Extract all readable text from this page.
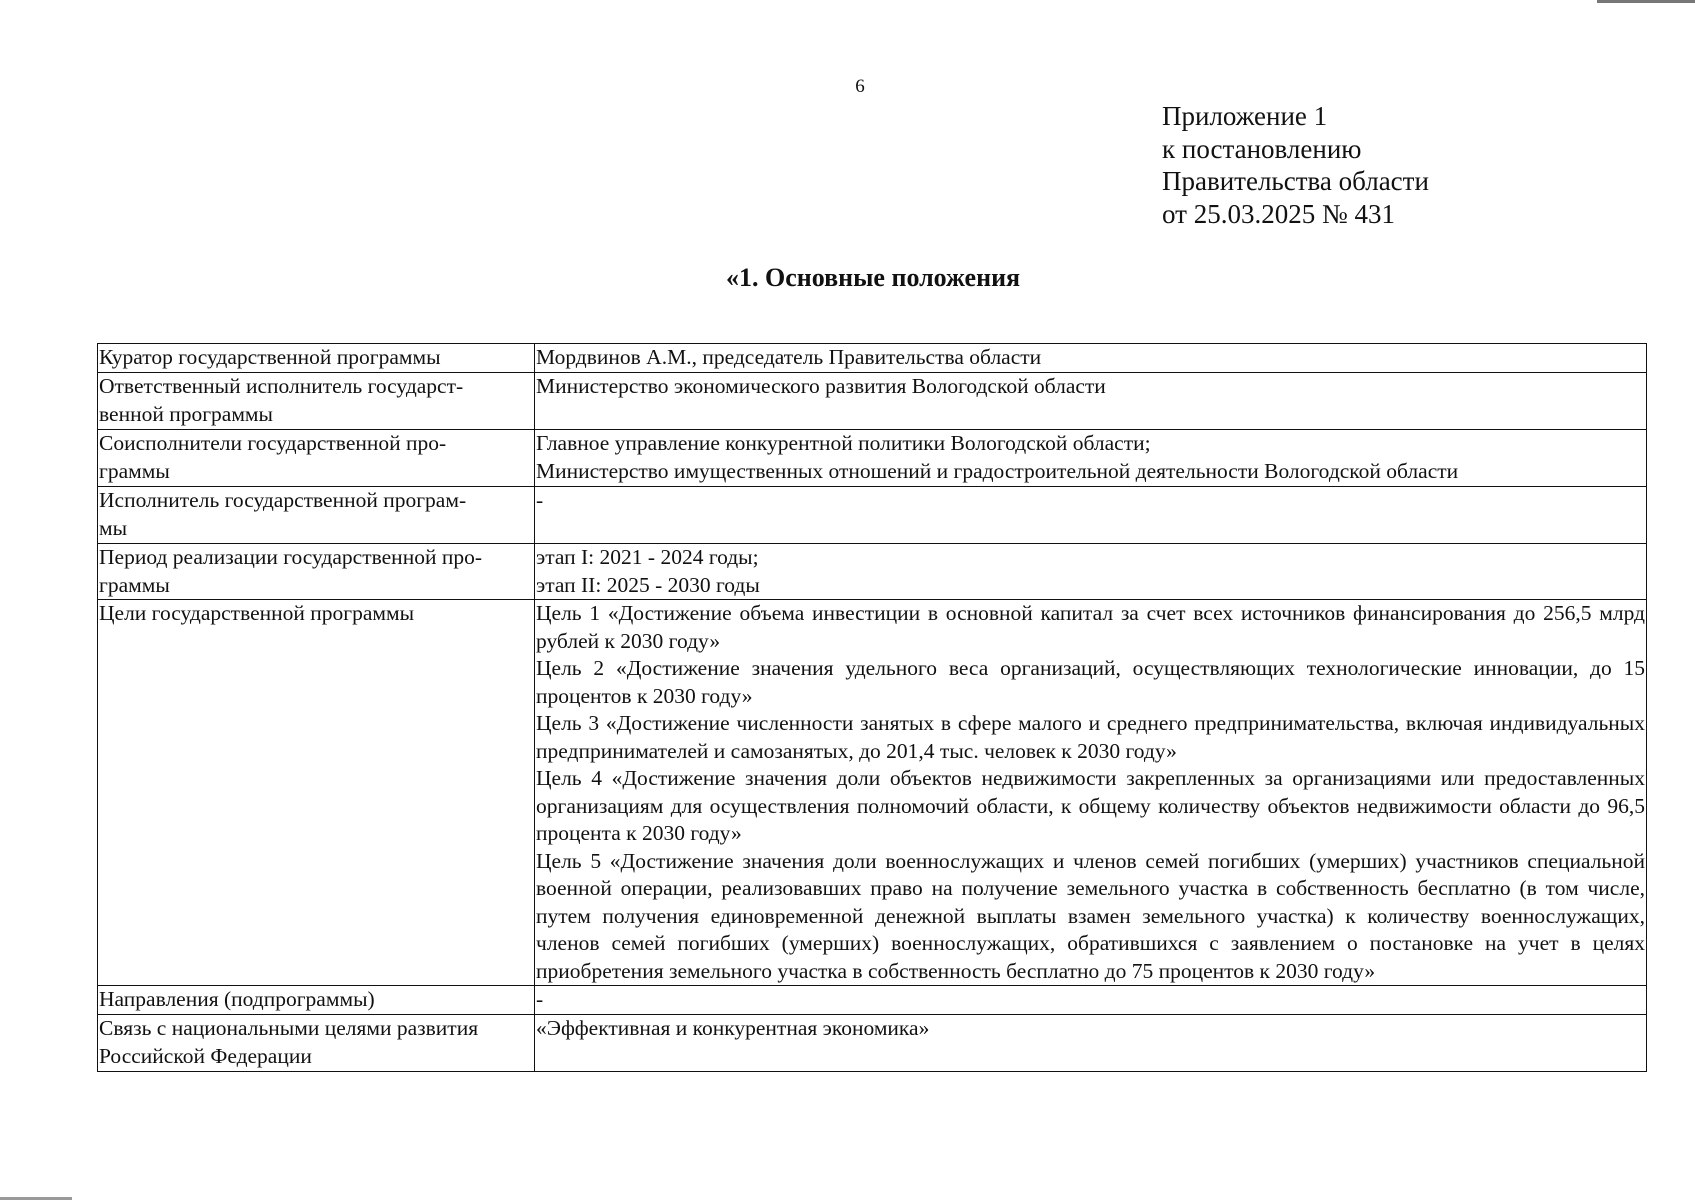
6
Приложение 1
к постановлению
Правительства области
от 25.03.2025 № 431
«1. Основные положения
Куратор государственной программы	Мордвинов А.М., председатель Правительства области
Ответственный исполнитель государст-
венной программы	Министерство экономического развития Вологодской области
Соисполнители государственной про-
граммы	Главное управление конкурентной политики Вологодской области;
Министерство имущественных отношений и градостроительной деятельности Вологодской области
Исполнитель государственной програм-
мы	-
Период реализации государственной про-
граммы	этап I: 2021 - 2024 годы;
этап II: 2025 - 2030 годы
Цели государственной программы	Цель 1 «Достижение объема инвестиции в основной капитал за счет всех источников финансирования до 256,5 млрд рублей к 2030 году»
Цель 2 «Достижение значения удельного веса организаций, осуществляющих технологические инновации, до 15 процентов к 2030 году»
Цель 3 «Достижение численности занятых в сфере малого и среднего предпринимательства, включая индивидуальных предпринимателей и самозанятых, до 201,4 тыс. человек к 2030 году»
Цель 4 «Достижение значения доли объектов недвижимости закрепленных за организациями или предоставленных организациям для осуществления полномочий области, к общему количеству объектов недвижимости области до 96,5 процента к 2030 году»
Цель 5 «Достижение значения доли военнослужащих и членов семей погибших (умерших) участников специальной военной операции, реализовавших право на получение земельного участка в собственность бесплатно (в том числе, путем получения единовременной денежной выплаты взамен земельного участка) к количеству военнослужащих, членов семей погибших (умерших) военнослужащих, обратившихся с заявлением о постановке на учет в целях приобретения земельного участка в собственность бесплатно до 75 процентов к 2030 году»

Направления (подпрограммы)	-
Связь с национальными целями развития
Российской Федерации	«Эффективная и конкурентная экономика»
